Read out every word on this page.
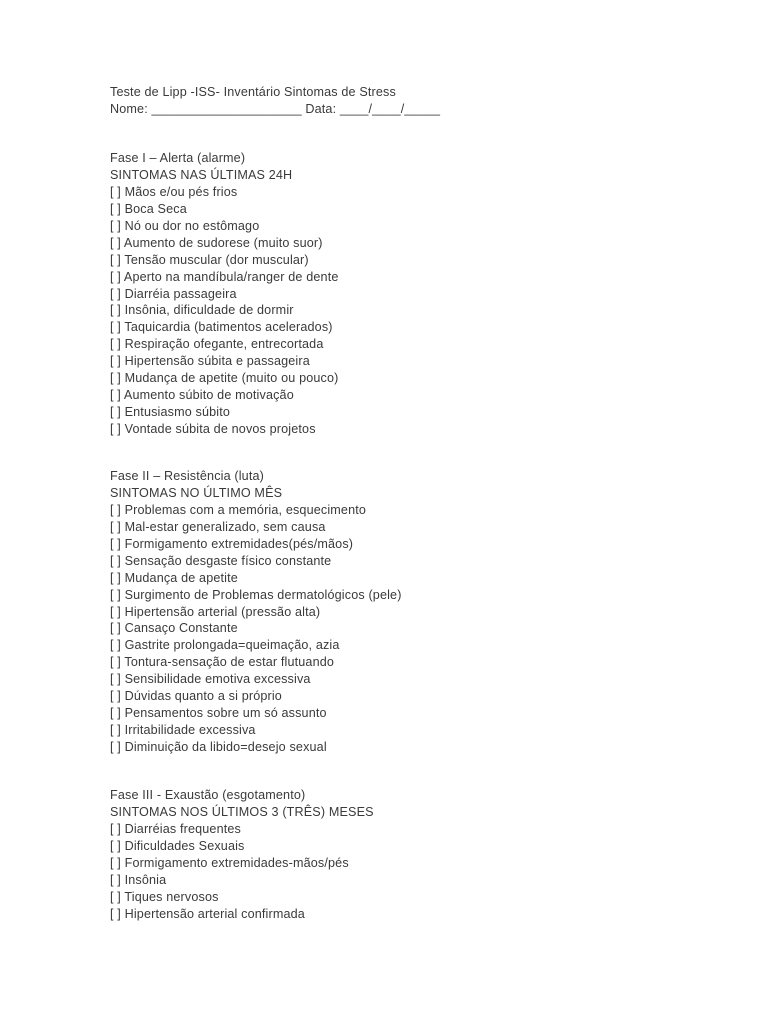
Teste de Lipp -ISS- Inventário Sintomas de Stress
Nome: _____________________ Data: ____/____/_____
Fase I – Alerta (alarme)
SINTOMAS NAS ÚLTIMAS 24H
[ ] Mãos e/ou pés frios
[ ] Boca Seca
[ ] Nó ou dor no estômago
[ ] Aumento de sudorese (muito suor)
[ ] Tensão muscular (dor muscular)
[ ] Aperto na mandíbula/ranger de dente
[ ] Diarréia passageira
[ ] Insônia, dificuldade de dormir
[ ] Taquicardia (batimentos acelerados)
[ ] Respiração ofegante, entrecortada
[ ] Hipertensão súbita e passageira
[ ] Mudança de apetite (muito ou pouco)
[ ] Aumento súbito de motivação
[ ] Entusiasmo súbito
[ ] Vontade súbita de novos projetos
Fase II – Resistência (luta)
SINTOMAS NO ÚLTIMO MÊS
[ ] Problemas com a memória, esquecimento
[ ] Mal-estar generalizado, sem causa
[ ] Formigamento extremidades(pés/mãos)
[ ] Sensação desgaste físico constante
[ ] Mudança de apetite
[ ] Surgimento de Problemas dermatológicos (pele)
[ ] Hipertensão arterial (pressão alta)
[ ] Cansaço Constante
[ ] Gastrite prolongada=queimação, azia
[ ] Tontura-sensação de estar flutuando
[ ] Sensibilidade emotiva excessiva
[ ] Dúvidas quanto a si próprio
[ ] Pensamentos sobre um só assunto
[ ] Irritabilidade excessiva
[ ] Diminuição da libido=desejo sexual
Fase III - Exaustão (esgotamento)
SINTOMAS NOS ÚLTIMOS 3 (TRÊS) MESES
[ ] Diarréias frequentes
[ ] Dificuldades Sexuais
[ ] Formigamento extremidades-mãos/pés
[ ] Insônia
[ ] Tiques nervosos
[ ] Hipertensão arterial confirmada
